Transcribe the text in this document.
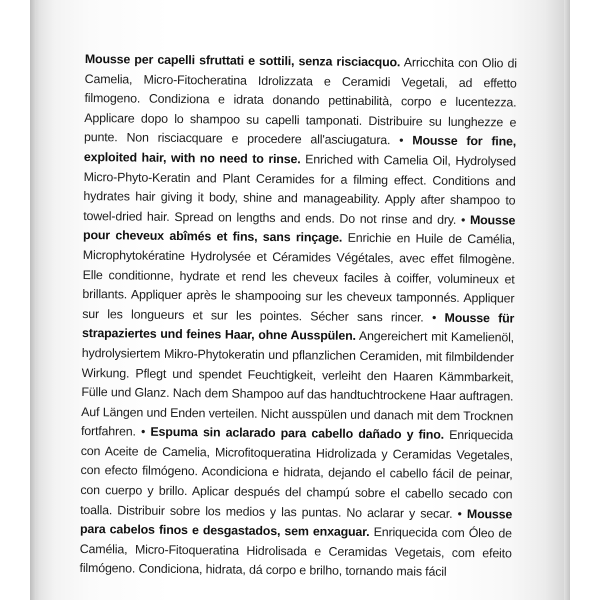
Mousse per capelli sfruttati e sottili, senza risciacquo. Arricchita con Olio di Camelia, Micro-Fitocheratina Idrolizzata e Ceramidi Vegetali, ad effetto filmogeno. Condiziona e idrata donando pettinabilità, corpo e lucentezza. Applicare dopo lo shampoo su capelli tamponati. Distribuire su lunghezze e punte. Non risciacquare e procedere all'asciugatura. • Mousse for fine, exploited hair, with no need to rinse. Enriched with Camelia Oil, Hydrolysed Micro-Phyto-Keratin and Plant Ceramides for a filming effect. Conditions and hydrates hair giving it body, shine and manageability. Apply after shampoo to towel-dried hair. Spread on lengths and ends. Do not rinse and dry. • Mousse pour cheveux abîmés et fins, sans rinçage. Enrichie en Huile de Camélia, Microphytokératine Hydrolysée et Céramides Végétales, avec effet filmogène. Elle conditionne, hydrate et rend les cheveux faciles à coiffer, volumineux et brillants. Appliquer après le shampooing sur les cheveux tamponnés. Appliquer sur les longueurs et sur les pointes. Sécher sans rincer. • Mousse für strapaziertes und feines Haar, ohne Ausspülen. Angereichert mit Kamelienöl, hydrolysiertem Mikro-Phytokeratin und pflanzlichen Ceramiden, mit filmbildender Wirkung. Pflegt und spendet Feuchtigkeit, verleiht den Haaren Kämmbarkeit, Fülle und Glanz. Nach dem Shampoo auf das handtuchtrockene Haar auftragen. Auf Längen und Enden verteilen. Nicht ausspülen und danach mit dem Trocknen fortfahren. • Espuma sin aclarado para cabello dañado y fino. Enriquecida con Aceite de Camelia, Microfitoqueratina Hidrolizada y Ceramidas Vegetales, con efecto filmógeno. Acondiciona e hidrata, dejando el cabello fácil de peinar, con cuerpo y brillo. Aplicar después del champú sobre el cabello secado con toalla. Distribuir sobre los medios y las puntas. No aclarar y secar. • Mousse para cabelos finos e desgastados, sem enxaguar. Enriquecida com Óleo de Camélia, Micro-Fitoqueratina Hidrolisada e Ceramidas Vegetais, com efeito filmógeno. Condiciona, hidrata, dá corpo e brilho, tornando mais fácil
